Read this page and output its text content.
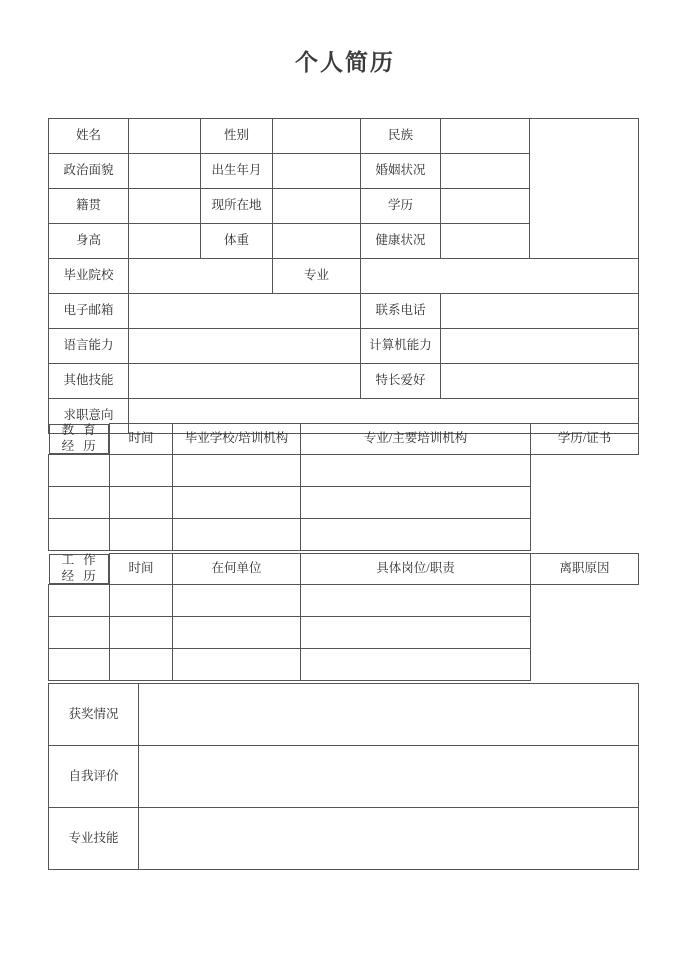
个人简历
姓名		性别		民族		
政治面貌		出生年月		婚姻状况		
籍贯		现所在地		学历		
身高		体重		健康状况		
毕业院校			专业			
电子邮箱				联系电话		
语言能力				计算机能力		
其他技能				特长爱好		
求职意向						
教 育
经 历
时间	毕业学校/培训机构	专业/主要培训机构	学历/证书

工 作
经 历
时间	在何单位	具体岗位/职责	离职原因

获奖情况	
自我评价	
专业技能	
